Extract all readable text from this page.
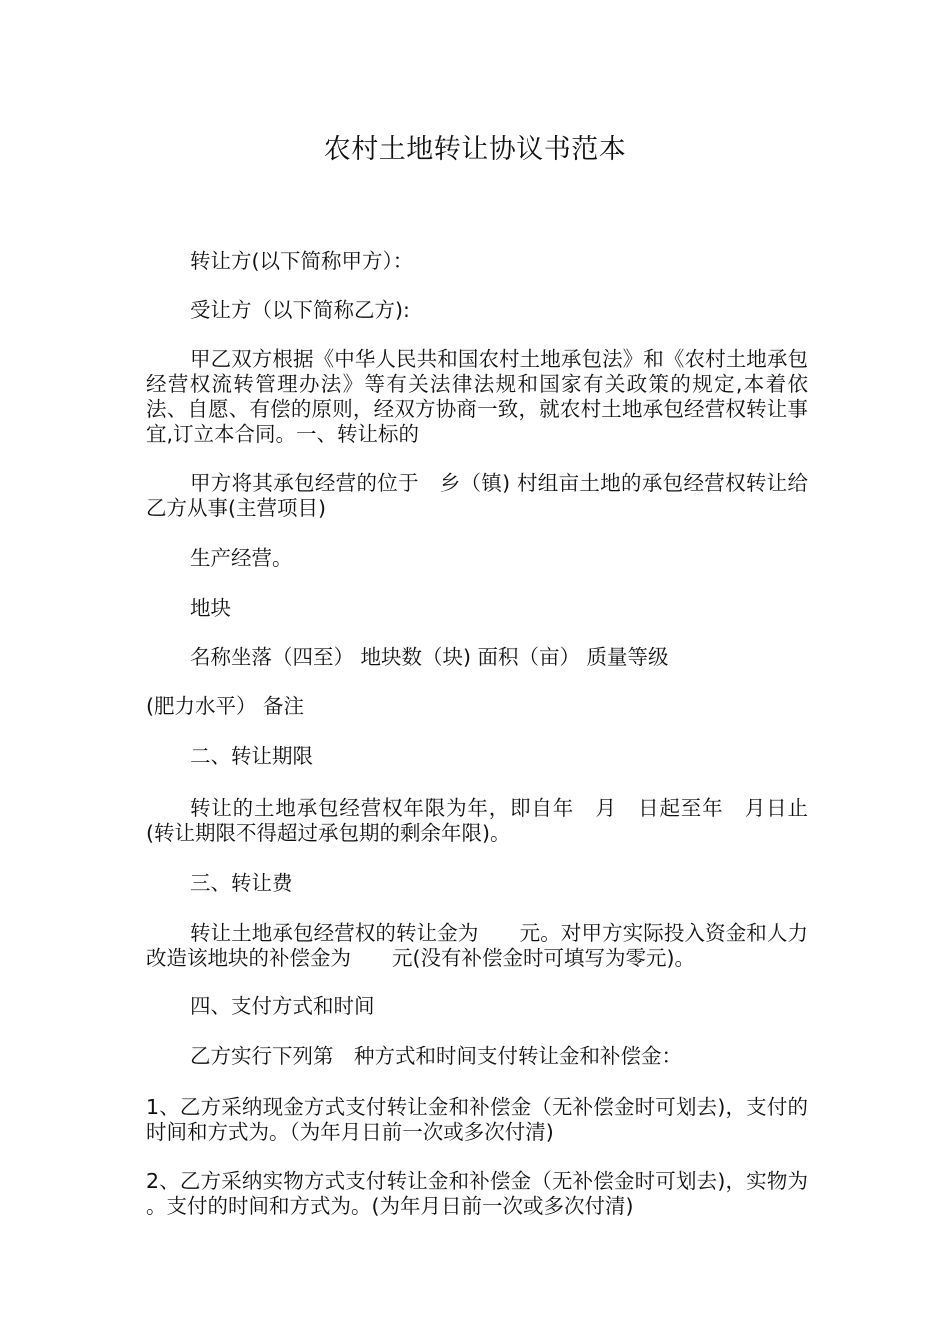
农村土地转让协议书范本

转让方(以下简称甲方）：

受让方（以下简称乙方):

甲乙双方根据《中华人民共和国农村土地承包法》和《农村土地承包经营权流转管理办法》等有关法律法规和国家有关政策的规定,本着依法、自愿、有偿的原则，经双方协商一致，就农村土地承包经营权转让事宜,订立本合同。一、转让标的

甲方将其承包经营的位于　乡（镇) 村组亩土地的承包经营权转让给乙方从事(主营项目)

生产经营。

地块

名称坐落（四至） 地块数（块) 面积（亩） 质量等级

(肥力水平） 备注

二、转让期限

转让的土地承包经营权年限为年，即自年　月　日起至年　月日止 (转让期限不得超过承包期的剩余年限)。

三、转让费

转让土地承包经营权的转让金为　　元。对甲方实际投入资金和人力改造该地块的补偿金为　　元(没有补偿金时可填写为零元)。

四、支付方式和时间

乙方实行下列第　种方式和时间支付转让金和补偿金：

1、乙方采纳现金方式支付转让金和补偿金（无补偿金时可划去)，支付的时间和方式为。（为年月日前一次或多次付清)

2、乙方采纳实物方式支付转让金和补偿金（无补偿金时可划去)，实物为　　。支付的时间和方式为。(为年月日前一次或多次付清)
